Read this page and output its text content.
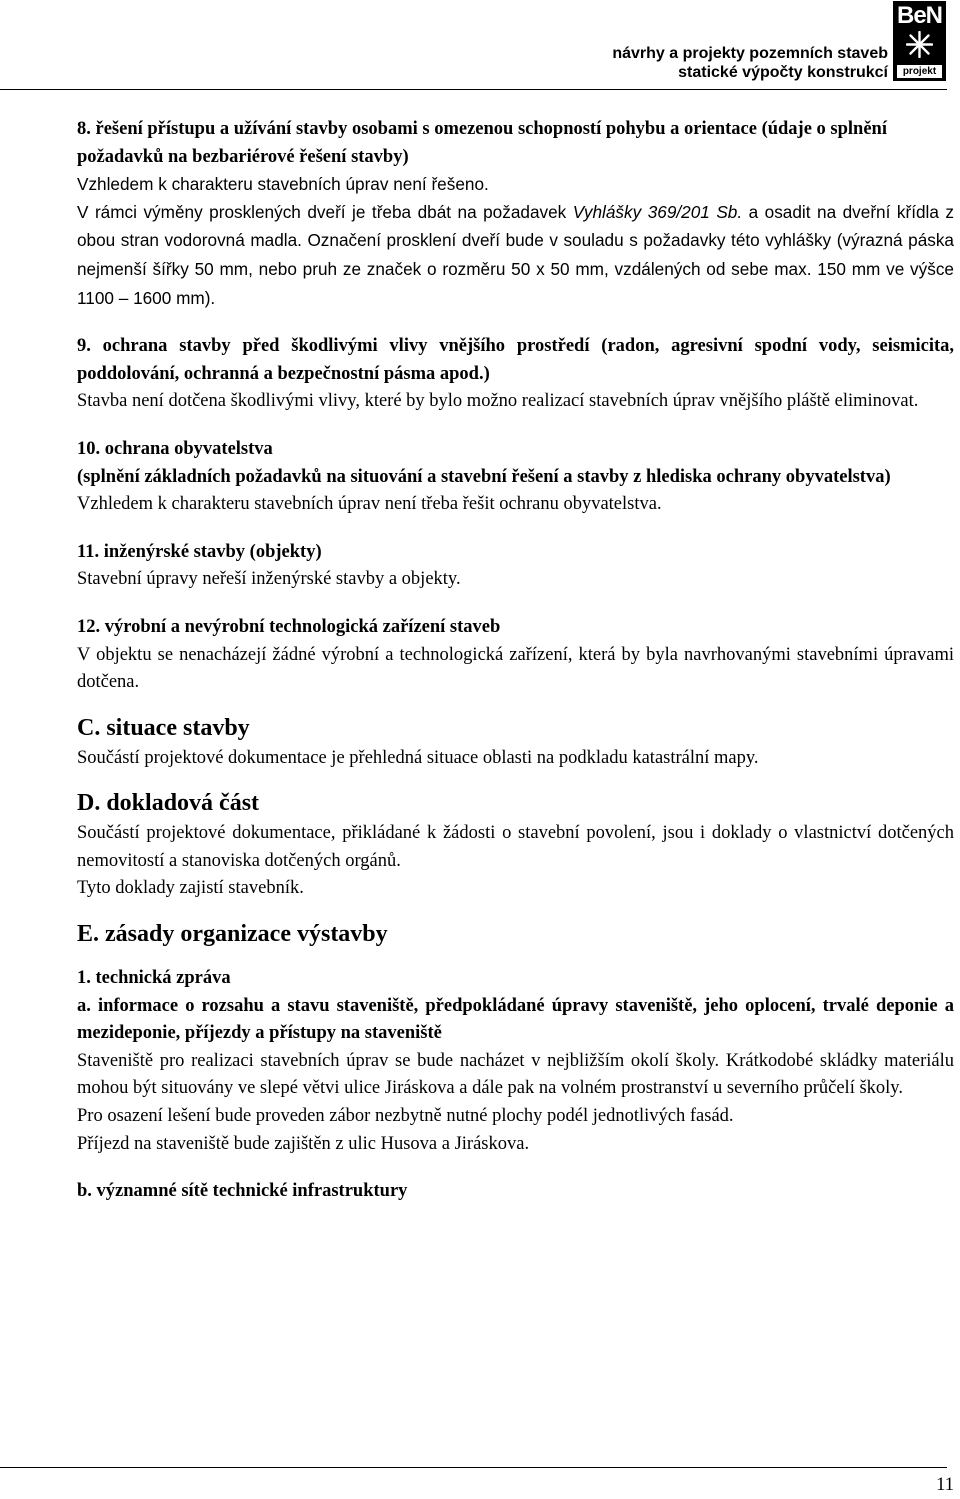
návrhy a projekty pozemních staveb
statické výpočty konstrukcí
BeN
projekt

8. řešení přístupu a užívání stavby osobami s omezenou schopností pohybu a orientace (údaje o splnění požadavků na bezbariérové řešení stavby)

Vzhledem k charakteru stavebních úprav není řešeno.

V rámci výměny prosklených dveří je třeba dbát na požadavek Vyhlášky 369/201 Sb. a osadit na dveřní křídla z obou stran vodorovná madla. Označení prosklení dveří bude v souladu s požadavky této vyhlášky (výrazná páska nejmenší šířky 50 mm, nebo pruh ze značek o rozměru 50 x 50 mm, vzdálených od sebe max. 150 mm ve výšce 1100 – 1600 mm).

9. ochrana stavby před škodlivými vlivy vnějšího prostředí (radon, agresivní spodní vody, seismicita, poddolování, ochranná a bezpečnostní pásma apod.)

Stavba není dotčena škodlivými vlivy, které by bylo možno realizací stavebních úprav vnějšího pláště eliminovat.

10. ochrana obyvatelstva

(splnění základních požadavků na situování a stavební řešení a stavby z hlediska ochrany obyvatelstva)

Vzhledem k charakteru stavebních úprav není třeba řešit ochranu obyvatelstva.

11. inženýrské stavby (objekty)

Stavební úpravy neřeší inženýrské stavby a objekty.

12. výrobní a nevýrobní technologická zařízení staveb

V objektu se nenacházejí žádné výrobní a technologická zařízení, která by byla navrhovanými stavebními úpravami dotčena.

C. situace stavby

Součástí projektové dokumentace je přehledná situace oblasti na podkladu katastrální mapy.

D. dokladová část

Součástí projektové dokumentace, přikládané k žádosti o stavební povolení, jsou i doklady o vlastnictví dotčených nemovitostí a stanoviska dotčených orgánů.

Tyto doklady zajistí stavebník.

E. zásady organizace výstavby

1. technická zpráva

a. informace o rozsahu a stavu staveniště, předpokládané úpravy staveniště, jeho oplocení, trvalé deponie a mezideponie, příjezdy a přístupy na staveniště

Staveniště pro realizaci stavebních úprav se bude nacházet v nejbližším okolí školy. Krátkodobé skládky materiálu mohou být situovány ve slepé větvi ulice Jiráskova a dále pak na volném prostranství u severního průčelí školy.

Pro osazení lešení bude proveden zábor nezbytně nutné plochy podél jednotlivých fasád.

Příjezd na staveniště bude zajištěn z ulic Husova a Jiráskova.

b. významné sítě technické infrastruktury

11
